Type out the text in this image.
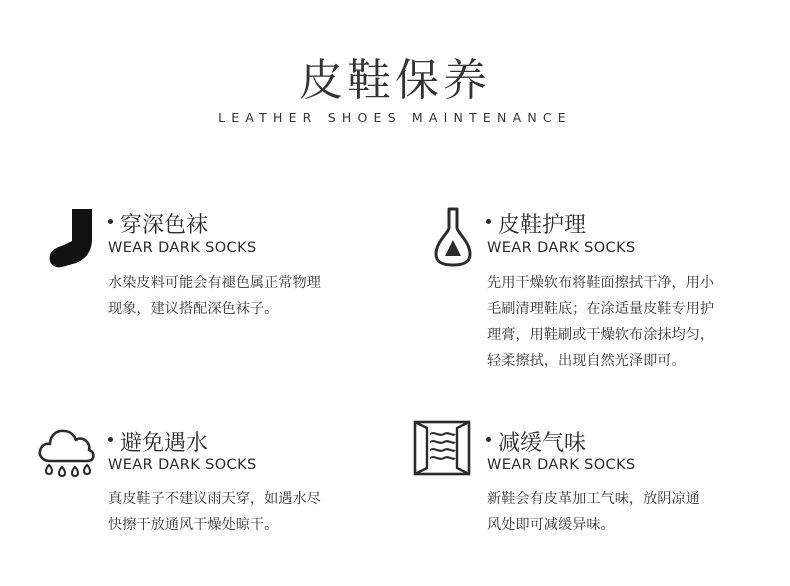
皮鞋保养
LEATHER SHOES MAINTENANCE
穿深色袜
WEAR DARK SOCKS
水染皮料可能会有褪色属正常物理
现象，建议搭配深色袜子。
皮鞋护理
WEAR DARK SOCKS
先用干燥软布将鞋面擦拭干净，用小
毛刷清理鞋底；在涂适量皮鞋专用护
理膏，用鞋刷或干燥软布涂抹均匀，
轻柔擦拭，出现自然光泽即可。
避免遇水
WEAR DARK SOCKS
真皮鞋子不建议雨天穿，如遇水尽
快擦干放通风干燥处晾干。
减缓气味
WEAR DARK SOCKS
新鞋会有皮革加工气味，放阴凉通
风处即可减缓异味。
